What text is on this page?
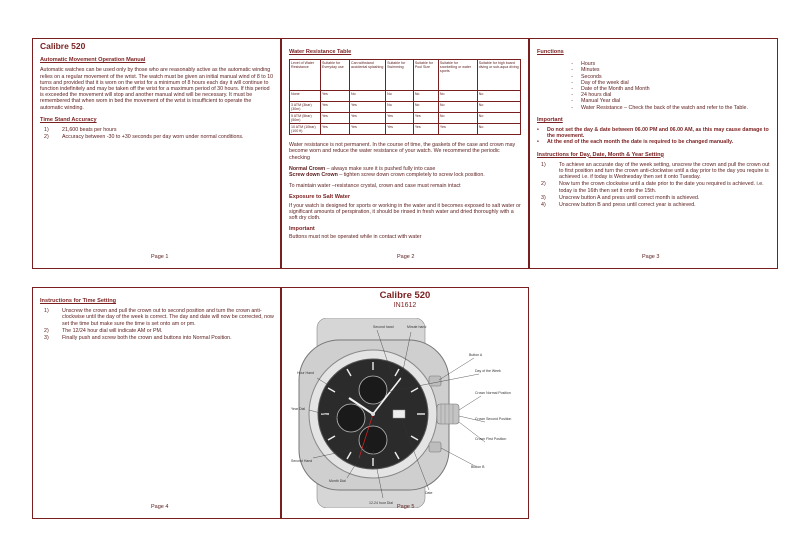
Calibre 520
Automatic Movement Operation Manual

Automatic watches can be used only by those who are reasonably active as the automatic winding relies on a regular movement of the wrist. The watch must be given an initial manual wind of 8 to 10 turns and provided that it is worn on the wrist for a minimum of 8 hours each day it will continue to function indefinitely and may be taken off the wrist for a maximum period of 30 hours. If this period is exceeded the movement will stop and another manual wind will be necessary. It must be remembered that when worn in bed the movement of the wrist is insufficient to operate the automatic winding.

Time Stand Accuracy
1)	21,600 beats per hours
2)	Accuracy between -30 to +30 seconds per day worn under normal conditions.
Page 1
Water Resistance Table
Level of Water Resistance	Suitable for Everyday use	Can withstand accidental splashing	Suitable for Swimming	Suitable for Pool Size	Suitable for snorkelling or water sports	Suitable for high board diving or sub-aqua diving
None	Yes	No	No	No	No	No
3 ATM (3bar) (30m)	Yes	Yes	No	No	No	No
5 ATM (5bar) (50m)	Yes	Yes	Yes	Yes	No	No
10 ATM (10bar) (100 ft)	Yes	Yes	Yes	Yes	Yes	No

Water resistance is not permanent. In the course of time, the gaskets of the case and crown may become worn and reduce the water resistance of your watch. We recommend the periodic checking

Normal Crown – always make sure it is pushed fully into case

Screw down Crown – tighten screw down crown completely to screw lock position.

To maintain water –resistance crystal, crown and case must remain intact

Exposure to Salt Water

If your watch is designed for sports or working in the water and it becomes exposed to salt water or significant amounts of perspiration, it should be rinsed in fresh water and dried thoroughly with a soft dry cloth.

Important

Buttons must not be operated while in contact with water

Page 2
Functions
-	Hours
-	Minutes
-	Seconds
-	Day of the week dial
-	Date of the Month and Month
-	24 hours dial
-	Manual Year dial
-	Water Resistance – Check the back of the watch and refer to the Table.
Important
•	Do not set the day & date between 06.00 PM and 06.00 AM, as this may cause damage to the movement.
•	At the end of the each month the date is required to be changed manually.
Instructions for Day, Date, Month & Year Setting
1)	To achieve an accurate day of the week setting, unscrew the crown and pull the crown out to first position and turn the crown anti-clockwise until a day prior to the day you require is achieved i.e. if today is Wednesday then set it onto Tuesday.
2)	Now turn the crown clockwise until a date prior to the date you required is achieved. i.e. today is the 16th then set it onto the 15th.
3)	Unscrew button A and press until correct month is achieved.
4)	Unscrew button B and press until correct year is achieved.
Page 3
Instructions for Time Setting
1)	Unscrew the crown and pull the crown out to second position and turn the crown anti-clockwise until the day of the week is correct. The day and date will now be corrected, now set the time but make sure the time is set onto am or pm.
2)	The 12/24 hour dial will indicate AM or PM.
3)	Finally push and screw both the crown and buttons into Normal Position.
Page 4
Calibre 520
IN1612
Second hand	Minute hand
Button A
Day of the Week
Crown Normal Position
Hour Hand
Year Dial
Crown Second Position
Crown First Position
Second Hand
Month Dial
Button B
Date
12-24 hour Dial
Page 5
